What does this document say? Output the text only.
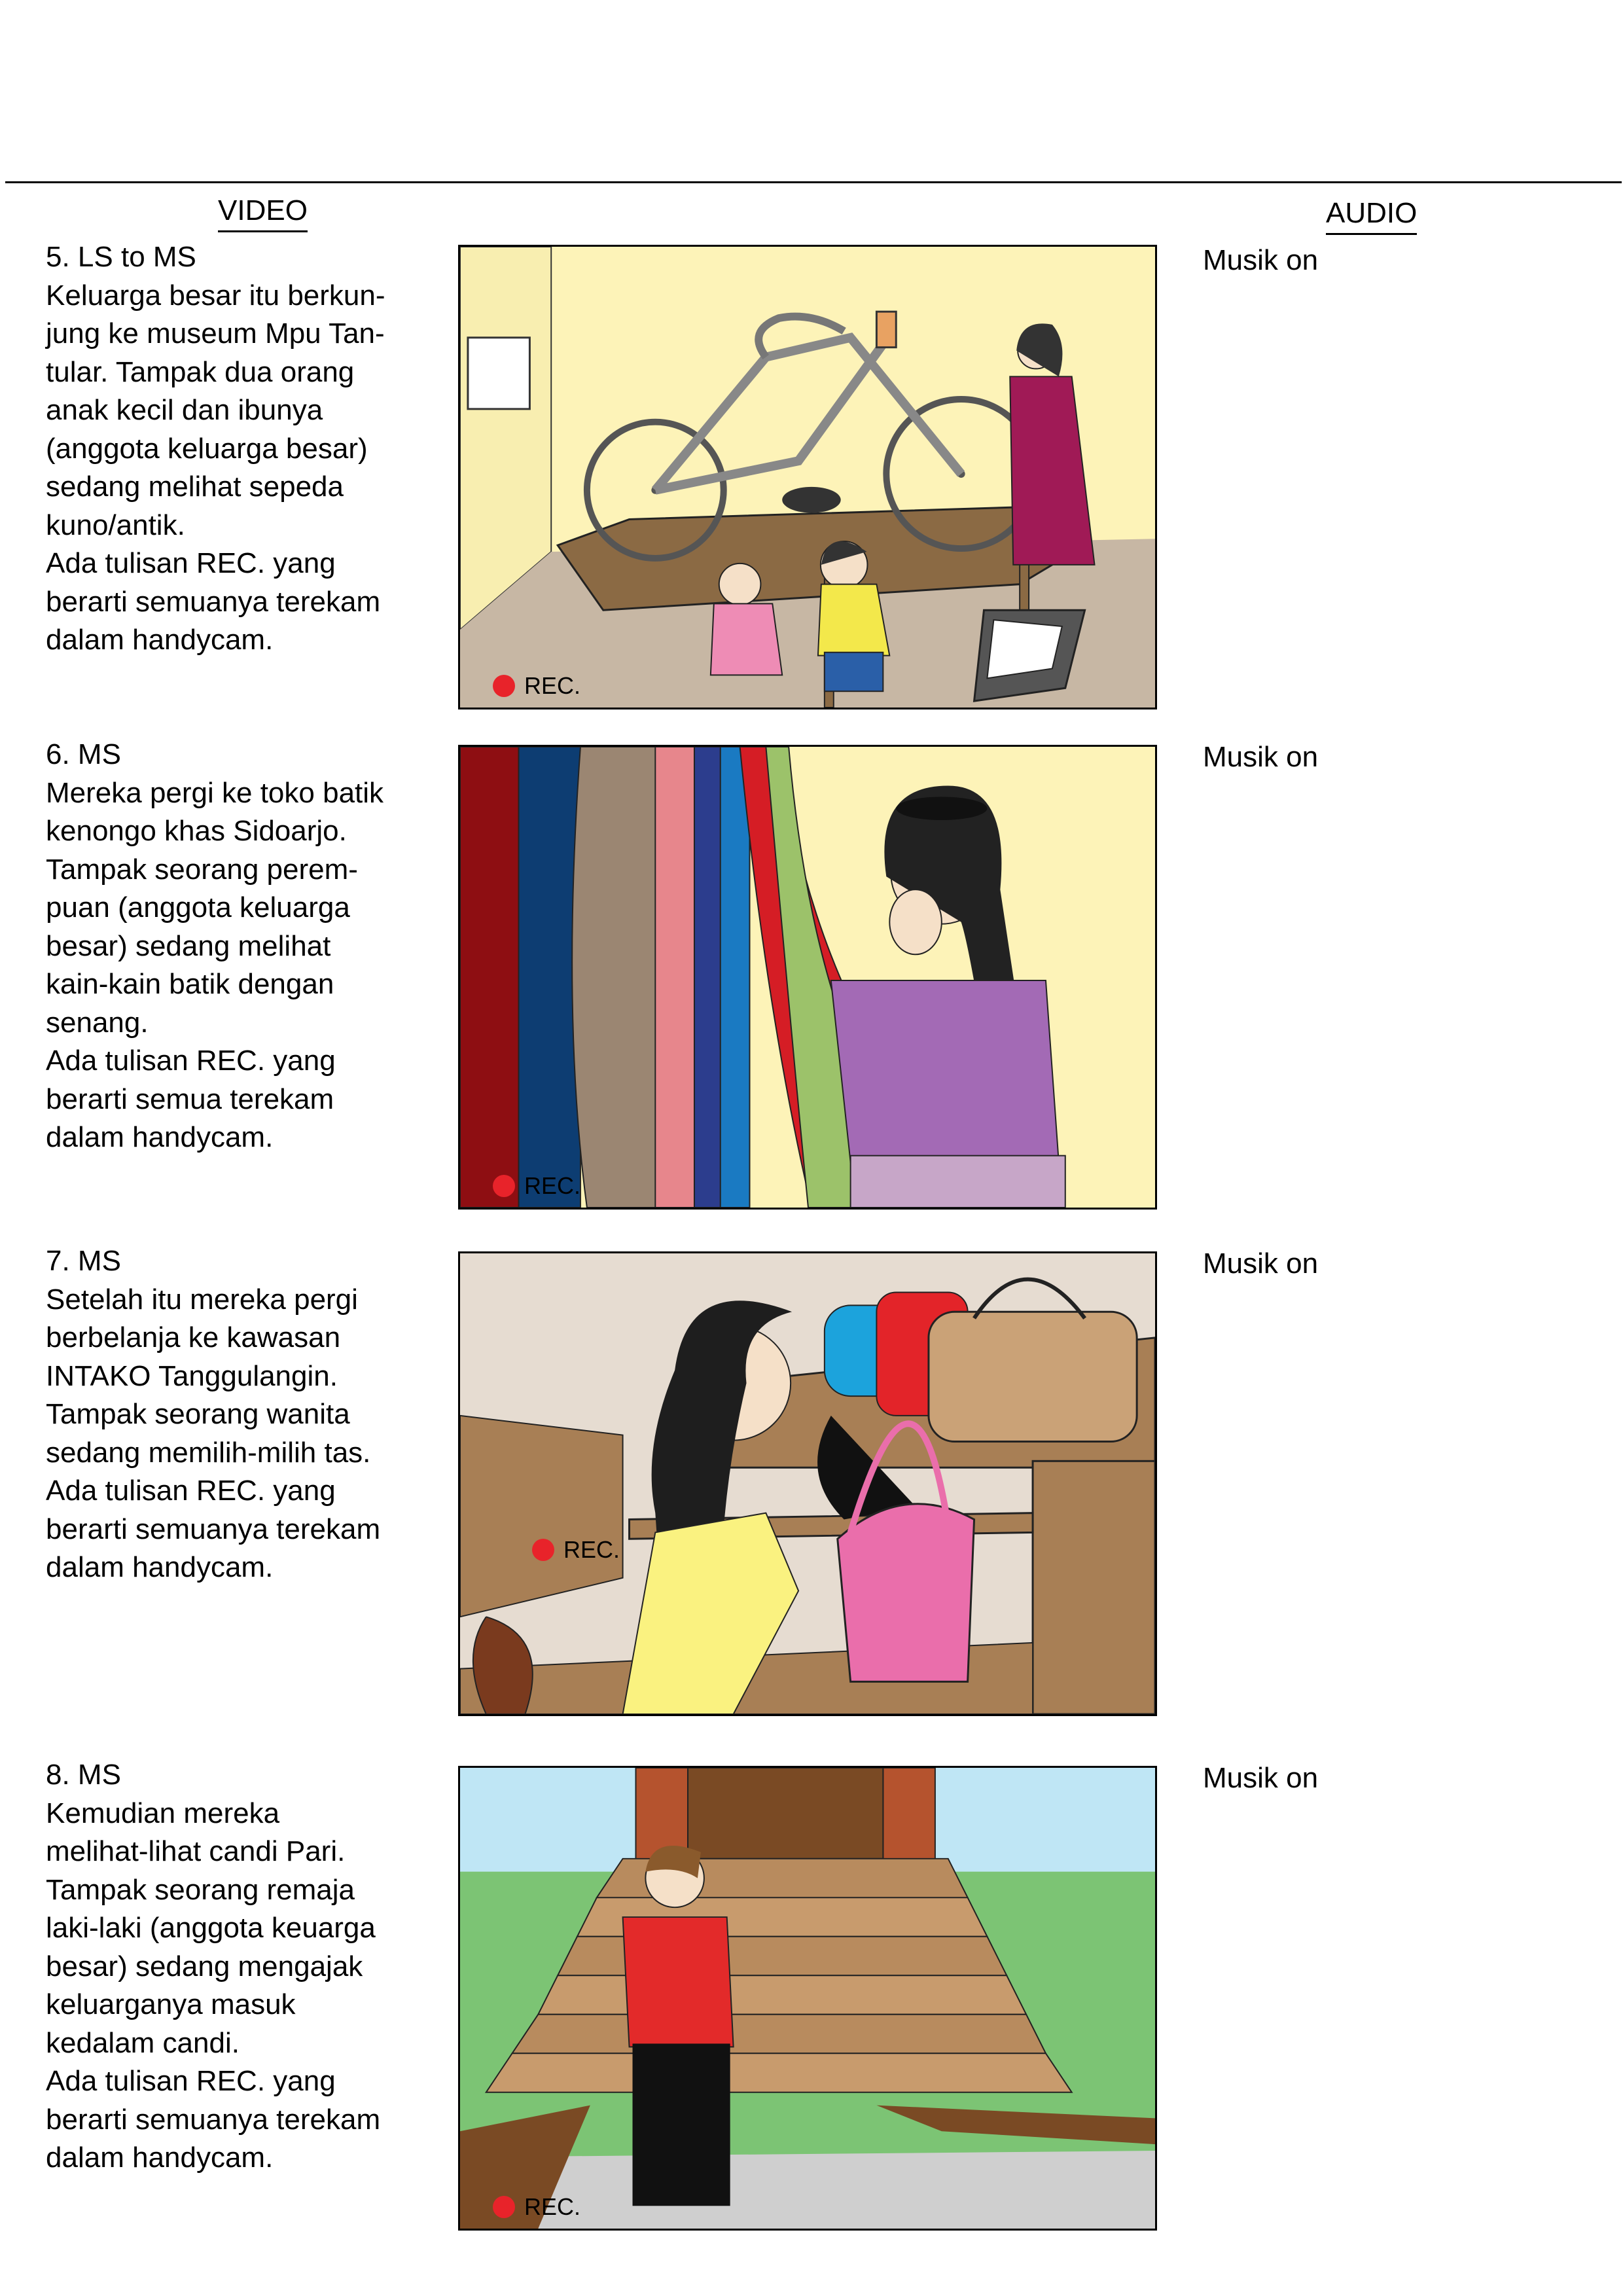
VIDEO	AUDIO
5. LS to MS
Keluarga besar itu berkun-
jung ke museum Mpu Tan-
tular. Tampak dua orang
anak kecil dan ibunya
(anggota keluarga besar)
sedang melihat sepeda
kuno/antik.
Ada tulisan REC. yang
berarti semuanya terekam
dalam handycam.
Musik on
REC.
6. MS
Mereka pergi ke toko batik
kenongo khas Sidoarjo.
Tampak seorang perem-
puan (anggota keluarga
besar) sedang melihat
kain-kain batik dengan
senang.
Ada tulisan REC. yang
berarti semua terekam
dalam handycam.
Musik on
REC.
7. MS
Setelah itu mereka pergi
berbelanja ke kawasan
INTAKO Tanggulangin.
Tampak seorang wanita
sedang memilih-milih tas.
Ada tulisan REC. yang
berarti semuanya terekam
dalam handycam.
Musik on
REC.
8. MS
Kemudian mereka
melihat-lihat candi Pari.
Tampak seorang remaja
laki-laki (anggota keuarga
besar) sedang mengajak
keluarganya masuk
kedalam candi.
Ada tulisan REC. yang
berarti semuanya terekam
dalam handycam.
Musik on
REC.
